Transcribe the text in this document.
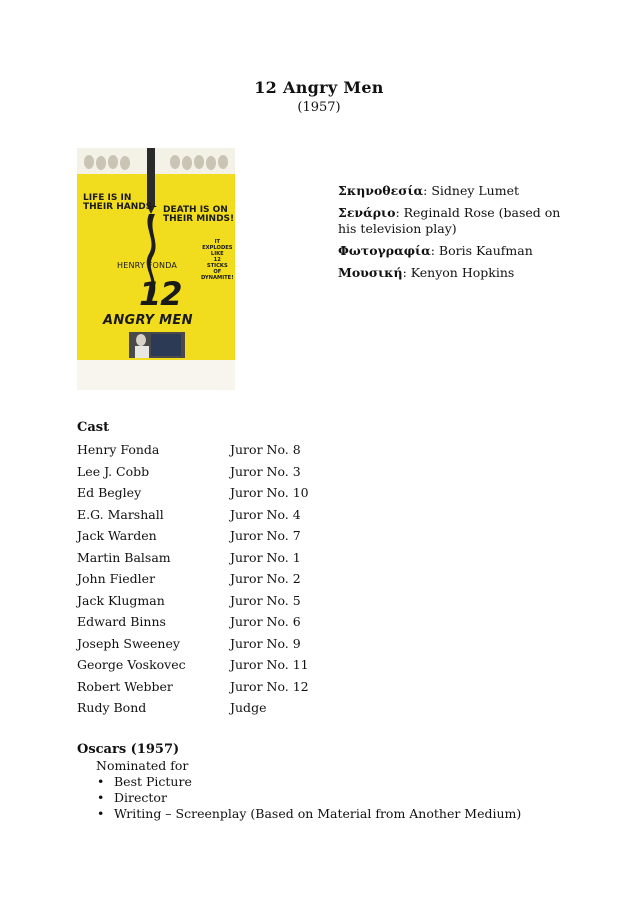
12 Angry Men
(1957)
LIFE IS IN
THEIR HANDS– DEATH IS ON
THEIR MINDS!
IT
EXPLODES
LIKE
12
STICKS
OF
DYNAMITE!
HENRY FONDA
12
ANGRY MEN
Σκηνοθεσία: Sidney Lumet
Σενάριο: Reginald Rose (based on his television play)
Φωτογραφία: Boris Kaufman
Μουσική: Kenyon Hopkins
Cast
Henry Fonda	Juror No. 8
Lee J. Cobb	Juror No. 3
Ed Begley	Juror No. 10
E.G. Marshall	Juror No. 4
Jack Warden	Juror No. 7
Martin Balsam	Juror No. 1
John Fiedler	Juror No. 2
Jack Klugman	Juror No. 5
Edward Binns	Juror No. 6
Joseph Sweeney	Juror No. 9
George Voskovec	Juror No. 11
Robert Webber	Juror No. 12
Rudy Bond	Judge
Oscars (1957)
Nominated for
• Best Picture
• Director
• Writing – Screenplay (Based on Material from Another Medium)
